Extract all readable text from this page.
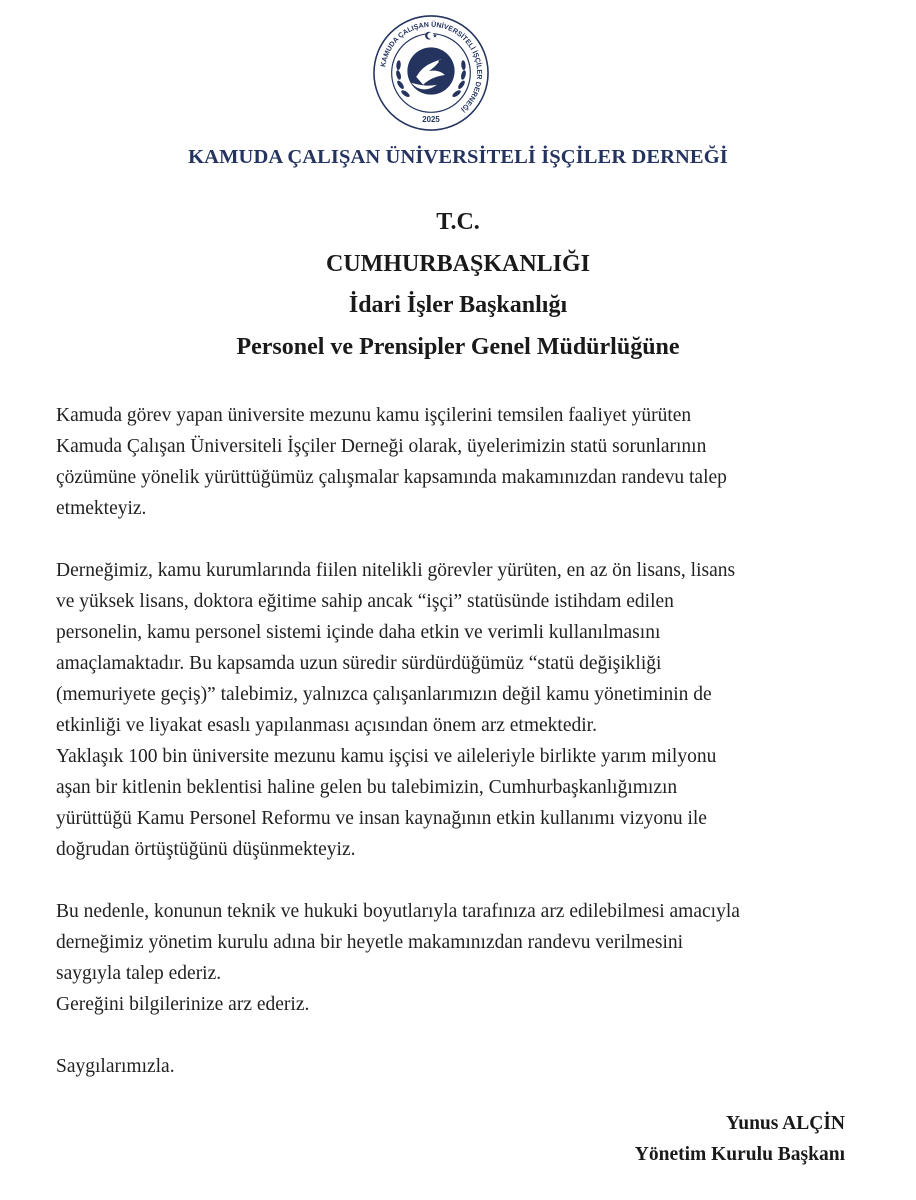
KAMUDA ÇALIŞAN ÜNİVERSİTELİ İŞÇİLER DERNEĞİ
2025
KAMUDA ÇALIŞAN ÜNİVERSİTELİ İŞÇİLER DERNEĞİ
T.C.
CUMHURBAŞKANLIĞI
İdari İşler Başkanlığı
Personel ve Prensipler Genel Müdürlüğüne

Kamuda görev yapan üniversite mezunu kamu işçilerini temsilen faaliyet yürüten
Kamuda Çalışan Üniversiteli İşçiler Derneği olarak, üyelerimizin statü sorunlarının
çözümüne yönelik yürüttüğümüz çalışmalar kapsamında makamınızdan randevu talep
etmekteyiz.

Derneğimiz, kamu kurumlarında fiilen nitelikli görevler yürüten, en az ön lisans, lisans
ve yüksek lisans, doktora eğitime sahip ancak “işçi” statüsünde istihdam edilen
personelin, kamu personel sistemi içinde daha etkin ve verimli kullanılmasını
amaçlamaktadır. Bu kapsamda uzun süredir sürdürdüğümüz “statü değişikliği
(memuriyete geçiş)” talebimiz, yalnızca çalışanlarımızın değil kamu yönetiminin de
etkinliği ve liyakat esaslı yapılanması açısından önem arz etmektedir.

Yaklaşık 100 bin üniversite mezunu kamu işçisi ve aileleriyle birlikte yarım milyonu
aşan bir kitlenin beklentisi haline gelen bu talebimizin, Cumhurbaşkanlığımızın
yürüttüğü Kamu Personel Reformu ve insan kaynağının etkin kullanımı vizyonu ile
doğrudan örtüştüğünü düşünmekteyiz.

Bu nedenle, konunun teknik ve hukuki boyutlarıyla tarafınıza arz edilebilmesi amacıyla
derneğimiz yönetim kurulu adına bir heyetle makamınızdan randevu verilmesini
saygıyla talep ederiz.

Gereğini bilgilerinize arz ederiz.

Saygılarımızla.

Yunus ALÇİN
Yönetim Kurulu Başkanı
